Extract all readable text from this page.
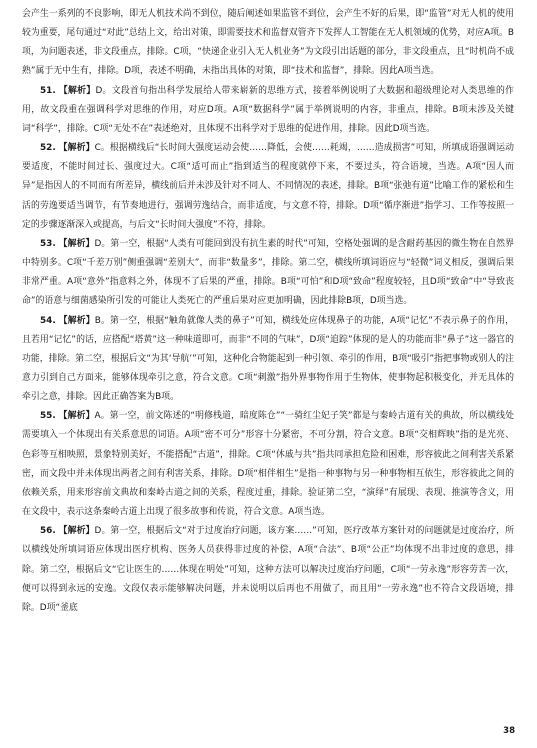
会产生一系列的不良影响，即无人机技术尚不到位，随后阐述如果监管不到位，会产生不好的后果，即“监管”对无人机的使用较为重要，尾句通过“对此”总结上文，给出对策，即需要技术和监督双管齐下发挥人工智能在无人机领域的优势，对应A项。B项，为问题表述，非文段重点，排除。C项，“快递企业引入无人机业务”为文段引出话题的部分，非文段重点，且“时机尚不成熟”属于无中生有，排除。D项，表述不明确，未指出具体的对策，即“技术和监督”，排除。因此A项当选。

51. 【解析】D。文段首句指出科学发展给人带来崭新的思维方式，接着举例说明了大数据和超级理论对人类思维的作用，故文段重在强调科学对思维的作用，对应D项。A项“数据科学”属于举例说明的内容，非重点，排除。B项未涉及关键词“科学”，排除。C项“无处不在”表述绝对，且体现不出科学对于思维的促进作用，排除。因此D项当选。

52. 【解析】C。根据横线后“长时间大强度运动会使……降低，会使……耗竭，……造成损害”可知，所填成语强调运动要适度，不能时间过长、强度过大。C项“适可而止”指到适当的程度就停下来，不要过头，符合语境，当选。A项“因人而异”是指因人的不同而有所差异，横线前后并未涉及针对不同人、不同情况的表述，排除。B项“张弛有道”比喻工作的紧松和生活的劳逸要适当调节，有节奏地进行，强调劳逸结合，而非适度，与文意不符，排除。D项“循序渐进”指学习、工作等按照一定的步骤逐渐深入或提高，与后文“长时间大强度”不符，排除。

53. 【解析】D。第一空，根据“人类有可能回到没有抗生素的时代”可知，空格处强调的是含耐药基因的微生物在自然界中特别多。C项“千差万别”侧重强调“差别大”，而非“数量多”，排除。第二空，横线所填词语应与“轻微”词义相反，强调后果非常严重。A项“意外”指意料之外，体现不了后果的严重，排除。B项“可怕”和D项“致命”程度较轻，且D项“致命”中“导致丧命”的语意与细菌感染所引发的可能让人类死亡的严重后果对应更加明确，因此排除B项，D项当选。

54. 【解析】B。第一空，根据“触角就像人类的鼻子”可知，横线处应体现鼻子的功能，A项“记忆”不表示鼻子的作用，且若用“记忆”的话，应搭配“塔黄”这一种味道即可，而非“不同的气味”，D项“追踪”体现的是人的功能而非“鼻子”这一器官的功能，排除。第二空，根据后文“为其‘导航’”可知，这种化合物能起到一种引领、牵引的作用，B项“吸引”指把事物或别人的注意力引到自己方面来，能够体现牵引之意，符合文意。C项“刺激”指外界事物作用于生物体，使事物起积极变化，并无具体的牵引之意，排除。因此正确答案为B项。

55. 【解析】A。第一空，前文陈述的“明修栈道，暗度陈仓”“一骑红尘妃子笑”都是与秦岭古道有关的典故，所以横线处需要填入一个体现出有关系意思的词语。A项“密不可分”形容十分紧密，不可分割，符合文意。B项“交相辉映”指的是光亮、色彩等互相映照，景象特别美好，不能搭配“古道”，排除。C项“休戚与共”指共同承担危险和困难，形容彼此之间利害关系紧密，而文段中并未体现出两者之间有利害关系，排除。D项“相伴相生”是指一种事物与另一种事物相互依生，形容彼此之间的依赖关系，用来形容前文典故和秦岭古道之间的关系，程度过重，排除。验证第二空，“演绎”有展现、表现、推演等含义，用在文段中，表示这条秦岭古道上出现了很多故事和传说，符合文意。A项当选。

56. 【解析】D。第一空，根据后文“对于过度治疗问题，该方案……”可知，医疗改革方案针对的问题就是过度治疗，所以横线处所填词语应体现出医疗机构、医务人员获得非过度的补偿，A项“合法”、B项“公正”均体现不出非过度的意思，排除。第二空，根据后文“它让医生的……体现在明处”可知，这种方法可以解决过度治疗问题，C项“一劳永逸”形容劳苦一次，便可以得到永远的安逸。文段仅表示能够解决问题，并未说明以后再也不用做了，而且用“一劳永逸”也不符合文段语境，排除。D项“釜底

38
